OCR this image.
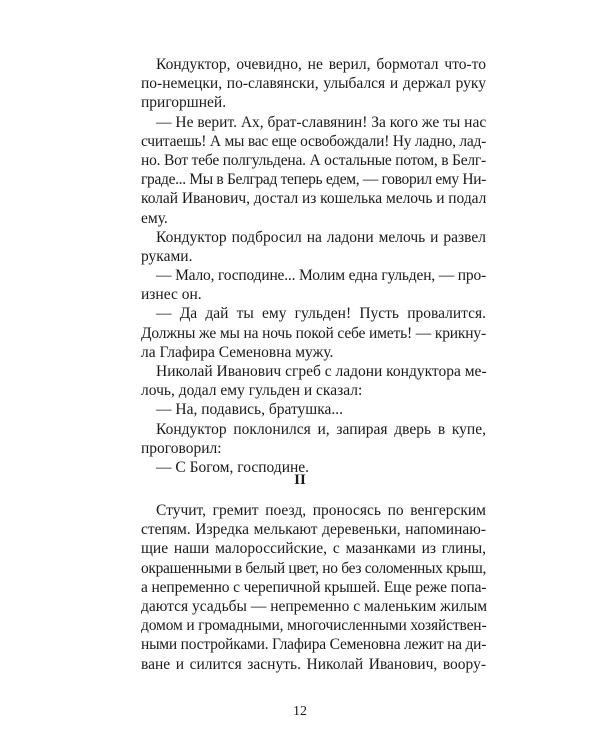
Кондуктор, очевидно, не верил, бормотал что-то
по-немецки, по-славянски, улыбался и держал руку
пригоршней.
— Не верит. Ах, брат-славянин! За кого же ты нас
считаешь! А мы вас еще освобождали! Ну ладно, лад-
но. Вот тебе полгульдена. А остальные потом, в Белг-
граде... Мы в Белград теперь едем, — говорил ему Ни-
колай Иванович, достал из кошелька мелочь и подал
ему.
Кондуктор подбросил на ладони мелочь и развел
руками.
— Мало, господине... Молим една гульден, — про-
изнес он.
— Да дай ты ему гульден! Пусть провалится.
Должны же мы на ночь покой себе иметь! — крикну-
ла Глафира Семеновна мужу.
Николай Иванович сгреб с ладони кондуктора ме-
лочь, додал ему гульден и сказал:
— На, подавись, братушка...
Кондуктор поклонился и, запирая дверь в купе,
проговорил:
— С Богом, господине.
II
Стучит, гремит поезд, проносясь по венгерским
степям. Изредка мелькают деревеньки, напоминаю-
щие наши малороссийские, с мазанками из глины,
окрашенными в белый цвет, но без соломенных крыш,
а непременно с черепичной крышей. Еще реже попа-
даются усадьбы — непременно с маленьким жилым
домом и громадными, многочисленными хозяйствен-
ными постройками. Глафира Семеновна лежит на ди-
ване и силится заснуть. Николай Иванович, воору-
12
